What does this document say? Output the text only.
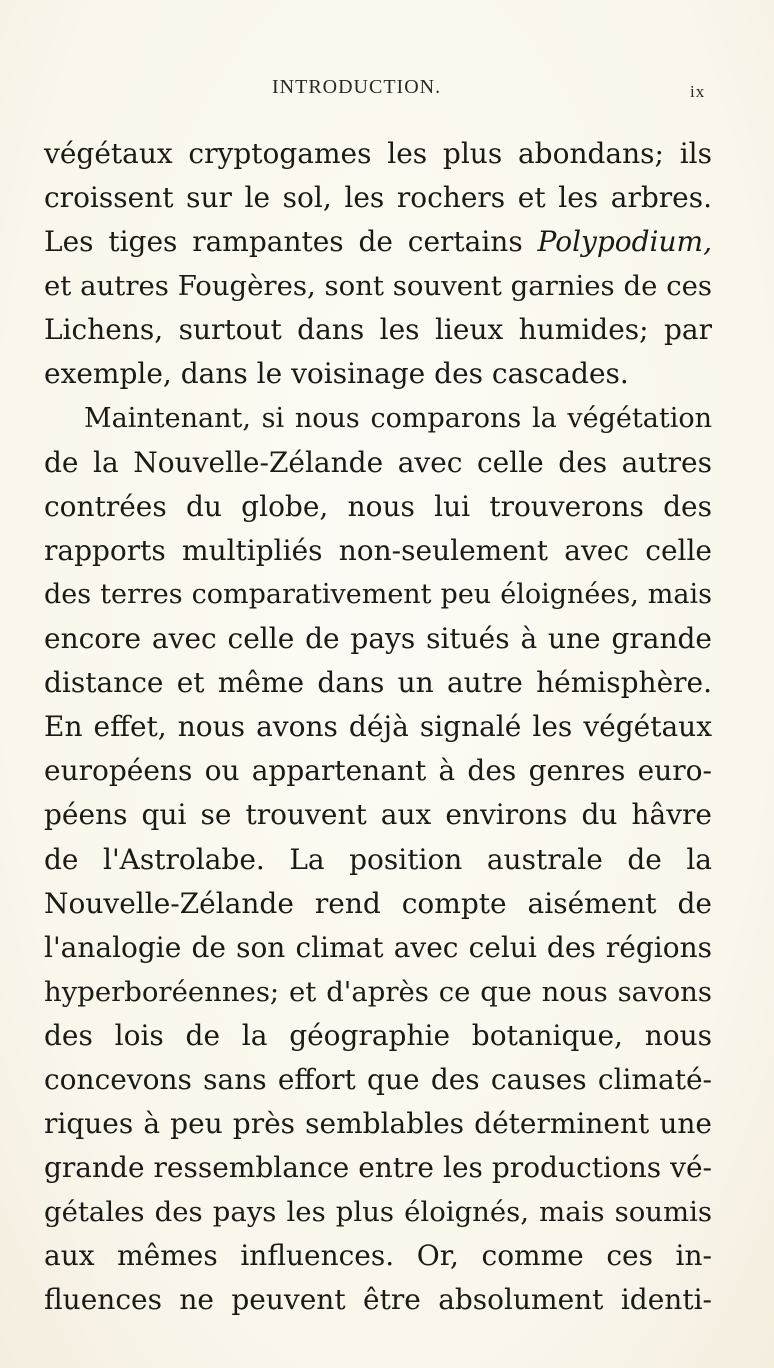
INTRODUCTION.	ix
végétaux cryptogames les plus abondans; ils
croissent sur le sol, les rochers et les arbres.
Les tiges rampantes de certains Polypodium,
et autres Fougères, sont souvent garnies de ces
Lichens, surtout dans les lieux humides; par
exemple, dans le voisinage des cascades.
Maintenant, si nous comparons la végétation
de la Nouvelle-Zélande avec celle des autres
contrées du globe, nous lui trouverons des
rapports multipliés non-seulement avec celle
des terres comparativement peu éloignées, mais
encore avec celle de pays situés à une grande
distance et même dans un autre hémisphère.
En effet, nous avons déjà signalé les végétaux
européens ou appartenant à des genres euro-
péens qui se trouvent aux environs du hâvre
de l'Astrolabe. La position australe de la
Nouvelle-Zélande rend compte aisément de
l'analogie de son climat avec celui des régions
hyperboréennes; et d'après ce que nous savons
des lois de la géographie botanique, nous
concevons sans effort que des causes climaté-
riques à peu près semblables déterminent une
grande ressemblance entre les productions vé-
gétales des pays les plus éloignés, mais soumis
aux mêmes influences. Or, comme ces in-
fluences ne peuvent être absolument identi-
